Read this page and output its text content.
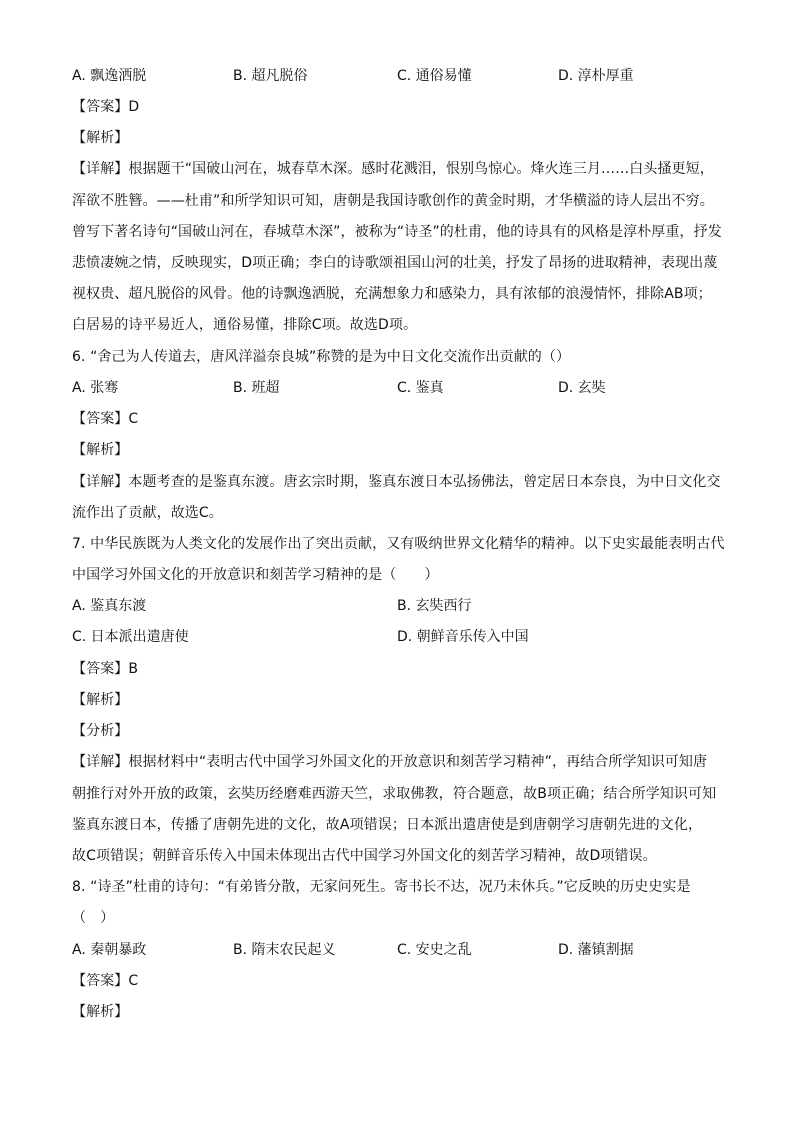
A. 飘逸洒脱	B. 超凡脱俗	C. 通俗易懂	D. 淳朴厚重
【答案】D
【解析】
【详解】根据题干“国破山河在，城春草木深。感时花溅泪，恨别鸟惊心。烽火连三月……白头搔更短，
浑欲不胜簪。——杜甫”和所学知识可知，唐朝是我国诗歌创作的黄金时期，才华横溢的诗人层出不穷。
曾写下著名诗句“国破山河在，春城草木深”，被称为“诗圣”的杜甫，他的诗具有的风格是淳朴厚重，抒发
悲愤凄婉之情，反映现实，D项正确；李白的诗歌颂祖国山河的壮美，抒发了昂扬的进取精神，表现出蔑
视权贵、超凡脱俗的风骨。他的诗飘逸洒脱，充满想象力和感染力，具有浓郁的浪漫情怀，排除AB项；
白居易的诗平易近人，通俗易懂，排除C项。故选D项。
6. “舍己为人传道去，唐风洋溢奈良城”称赞的是为中日文化交流作出贡献的（）
A. 张骞	B. 班超	C. 鉴真	D. 玄奘
【答案】C
【解析】
【详解】本题考查的是鉴真东渡。唐玄宗时期，鉴真东渡日本弘扬佛法，曾定居日本奈良，为中日文化交
流作出了贡献，故选C。
7. 中华民族既为人类文化的发展作出了突出贡献，又有吸纳世界文化精华的精神。以下史实最能表明古代
中国学习外国文化的开放意识和刻苦学习精神的是（　　）
A. 鉴真东渡	B. 玄奘西行
C. 日本派出遣唐使	D. 朝鲜音乐传入中国
【答案】B
【解析】
【分析】
【详解】根据材料中“表明古代中国学习外国文化的开放意识和刻苦学习精神”，再结合所学知识可知唐
朝推行对外开放的政策，玄奘历经磨难西游天竺，求取佛教，符合题意，故B项正确；结合所学知识可知
鉴真东渡日本，传播了唐朝先进的文化，故A项错误；日本派出遣唐使是到唐朝学习唐朝先进的文化，
故C项错误；朝鲜音乐传入中国未体现出古代中国学习外国文化的刻苦学习精神，故D项错误。
8. “诗圣”杜甫的诗句：“有弟皆分散，无家问死生。寄书长不达，况乃未休兵。”它反映的历史史实是
（　）
A. 秦朝暴政	B. 隋末农民起义	C. 安史之乱	D. 藩镇割据
【答案】C
【解析】
